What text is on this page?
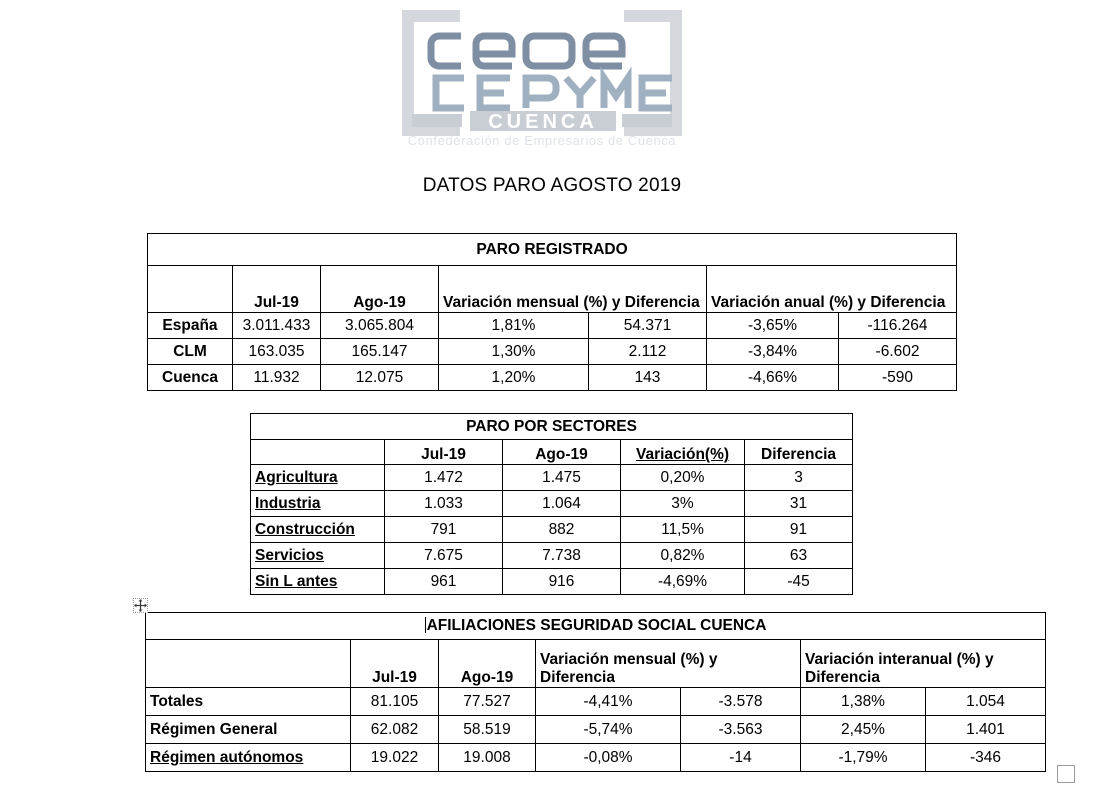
CUENCA
Confederación de Empresarios de Cuenca
DATOS PARO AGOSTO 2019
PARO REGISTRADO						
	Jul-19	Ago-19	Variación mensual (%) y Diferencia		Variación anual (%) y Diferencia	
España	3.011.433	3.065.804	1,81%	54.371	-3,65%	-116.264
CLM	163.035	165.147	1,30%	2.112	-3,84%	-6.602
Cuenca	11.932	12.075	1,20%	143	-4,66%	-590
PARO POR SECTORES				
	Jul-19	Ago-19	Variación(%)	Diferencia
Agricultura	1.472	1.475	0,20%	3
Industria	1.033	1.064	3%	31
Construcción	791	882	11,5%	91
Servicios	7.675	7.738	0,82%	63
Sin L antes	961	916	-4,69%	-45
AFILIACIONES SEGURIDAD SOCIAL CUENCA						
	Jul-19	Ago-19	Variación mensual (%) y Diferencia		Variación interanual (%) y Diferencia	
Totales	81.105	77.527	-4,41%	-3.578	1,38%	1.054
Régimen General	62.082	58.519	-5,74%	-3.563	2,45%	1.401
Régimen autónomos	19.022	19.008	-0,08%	-14	-1,79%	-346
